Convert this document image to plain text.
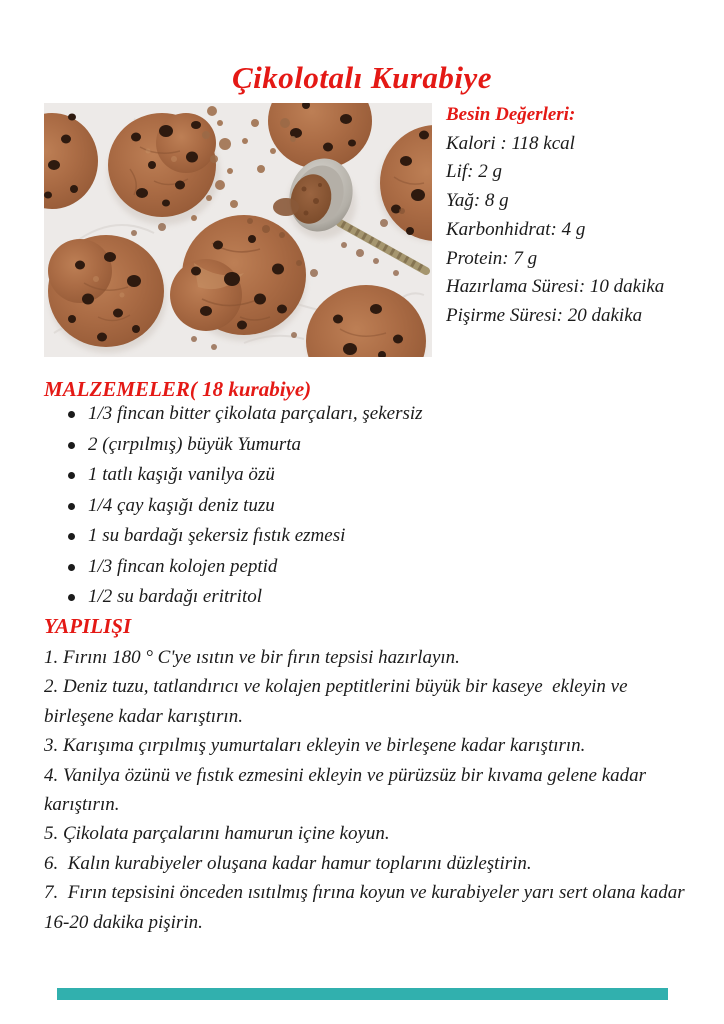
Çikolotalı Kurabiye
Besin Değerleri:
Kalori : 118 kcal
Lif: 2 g
Yağ: 8 g
Karbonhidrat: 4 g
Protein: 7 g
Hazırlama Süresi: 10 dakika
Pişirme Süresi: 20 dakika
MALZEMELER( 18 kurabiye)
1/3 fincan bitter çikolata parçaları, şekersiz
2 (çırpılmış) büyük Yumurta
1 tatlı kaşığı vanilya özü
1/4 çay kaşığı deniz tuzu
1 su bardağı şekersiz fıstık ezmesi
1/3 fincan kolojen peptid
1/2 su bardağı eritritol
YAPILIŞI

1. Fırını 180 ° C'ye ısıtın ve bir fırın tepsisi hazırlayın.

2. Deniz tuzu, tatlandırıcı ve kolajen peptitlerini büyük bir kaseye  ekleyin ve birleşene kadar karıştırın.

3. Karışıma çırpılmış yumurtaları ekleyin ve birleşene kadar karıştırın.

4. Vanilya özünü ve fıstık ezmesini ekleyin ve pürüzsüz bir kıvama gelene kadar karıştırın.

5. Çikolata parçalarını hamurun içine koyun.

6.  Kalın kurabiyeler oluşana kadar hamur toplarını düzleştirin.

7.  Fırın tepsisini önceden ısıtılmış fırına koyun ve kurabiyeler yarı sert olana kadar 16-20 dakika pişirin.
